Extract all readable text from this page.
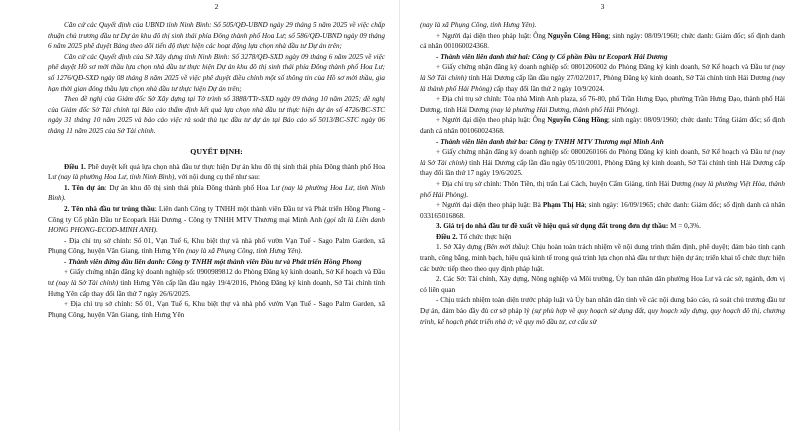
2

Căn cứ các Quyết định của UBND tỉnh Ninh Bình: Số 505/QĐ-UBND ngày 29 tháng 5 năm 2025 về việc chấp thuận chủ trương đầu tư Dự án khu đô thị sinh thái phía Đông thành phố Hoa Lư; số 586/QĐ-UBND ngày 09 tháng 6 năm 2025 phê duyệt Bảng theo dõi tiến độ thực hiện các hoạt động lựa chọn nhà đầu tư Dự án trên;

Căn cứ các Quyết định của Sở Xây dựng tỉnh Ninh Bình: Số 3278/QĐ-SXD ngày 09 tháng 6 năm 2025 về việc phê duyệt Hồ sơ mời thầu lựa chọn nhà đầu tư thực hiện Dự án khu đô thị sinh thái phía Đông thành phố Hoa Lư; số 1276/QĐ-SXD ngày 08 tháng 8 năm 2025 về việc phê duyệt điều chỉnh một số thông tin của Hồ sơ mời thầu, gia hạn thời gian đóng thầu lựa chọn nhà đầu tư thực hiện Dự án trên;

Theo đề nghị của Giám đốc Sở Xây dựng tại Tờ trình số 3888/TTr-SXD ngày 09 tháng 10 năm 2025; đề nghị của Giám đốc Sở Tài chính tại Báo cáo thẩm định kết quả lựa chọn nhà đầu tư thực hiện dự án số 4726/BC-STC ngày 31 tháng 10 năm 2025 và báo cáo việc rà soát thủ tục đầu tư dự án tại Báo cáo số 5013/BC-STC ngày 06 tháng 11 năm 2025 của Sở Tài chính.

QUYẾT ĐỊNH:

Điều 1. Phê duyệt kết quả lựa chọn nhà đầu tư thực hiện Dự án khu đô thị sinh thái phía Đông thành phố Hoa Lư (nay là phường Hoa Lư, tỉnh Ninh Bình), với nội dung cụ thể như sau:

1. Tên dự án: Dự án khu đô thị sinh thái phía Đông thành phố Hoa Lư (nay là phường Hoa Lư, tỉnh Ninh Bình).

2. Tên nhà đầu tư trúng thầu: Liên danh Công ty TNHH một thành viên Đầu tư và Phát triển Hồng Phong - Công ty Cổ phần Đầu tư Ecopark Hải Dương - Công ty TNHH MTV Thương mại Minh Anh (gọi tắt là Liên danh HONG PHONG-ECOD-MINH ANH).

- Địa chỉ trụ sở chính: Số 01, Vạn Tuế 6, Khu biệt thự và nhà phố vườn Vạn Tuế - Sago Palm Garden, xã Phụng Công, huyện Văn Giang, tỉnh Hưng Yên (nay là xã Phụng Công, tỉnh Hưng Yên).

- Thành viên đứng đầu liên danh: Công ty TNHH một thành viên Đầu tư và Phát triển Hồng Phong

+ Giấy chứng nhận đăng ký doanh nghiệp số: 0900989812 do Phòng Đăng ký kinh doanh, Sở Kế hoạch và Đầu tư (nay là Sở Tài chính) tỉnh Hưng Yên cấp lần đầu ngày 19/4/2016, Phòng Đăng ký kinh doanh, Sở Tài chính tỉnh Hưng Yên cấp thay đổi lần thứ 7 ngày 26/6/2025.

+ Địa chỉ trụ sở chính: Số 01, Vạn Tuế 6, Khu biệt thự và nhà phố vườn Vạn Tuế - Sago Palm Garden, xã Phụng Công, huyện Văn Giang, tỉnh Hưng Yên

3

(nay là xã Phụng Công, tỉnh Hưng Yên).

+ Người đại diện theo pháp luật: Ông Nguyễn Công Hồng; sinh ngày: 08/09/1960; chức danh: Giám đốc; số định danh cá nhân 001060024368.

- Thành viên liên danh thứ hai: Công ty Cổ phần Đầu tư Ecopark Hải Dương

+ Giấy chứng nhận đăng ký doanh nghiệp số: 0801206002 do Phòng Đăng ký kinh doanh, Sở Kế hoạch và Đầu tư (nay là Sở Tài chính) tỉnh Hải Dương cấp lần đầu ngày 27/02/2017, Phòng Đăng ký kinh doanh, Sở Tài chính tỉnh Hải Dương (nay là thành phố Hải Phòng) cấp thay đổi lần thứ 2 ngày 10/9/2024.

+ Địa chỉ trụ sở chính: Tòa nhà Minh Anh plaza, số 76-80, phố Trần Hưng Đạo, phường Trần Hưng Đạo, thành phố Hải Dương, tỉnh Hải Dương (nay là phường Hải Dương, thành phố Hải Phòng).

+ Người đại diện theo pháp luật: Ông Nguyễn Công Hồng; sinh ngày: 08/09/1960; chức danh: Tổng Giám đốc; số định danh cá nhân 001060024368.

- Thành viên liên danh thứ ba: Công ty TNHH MTV Thương mại Minh Anh

+ Giấy chứng nhận đăng ký doanh nghiệp số: 0800260166 do Phòng Đăng ký kinh doanh, Sở Kế hoạch và Đầu tư (nay là Sở Tài chính) tỉnh Hải Dương cấp lần đầu ngày 05/10/2001, Phòng Đăng ký kinh doanh, Sở Tài chính tỉnh Hải Dương cấp thay đổi lần thứ 17 ngày 19/6/2025.

+ Địa chỉ trụ sở chính: Thôn Tiền, thị trấn Lai Cách, huyện Cẩm Giàng, tỉnh Hải Dương (nay là phường Việt Hòa, thành phố Hải Phòng).

+ Người đại diện theo pháp luật: Bà Phạm Thị Hà; sinh ngày: 16/09/1965; chức danh: Giám đốc; số định danh cá nhân 033165016868.

3. Giá trị do nhà đầu tư đề xuất về hiệu quả sử dụng đất trong đơn dự thầu: M = 0,3%.

Điều 2. Tổ chức thực hiện

1. Sở Xây dựng (Bên mời thầu): Chịu hoàn toàn trách nhiệm về nội dung trình thẩm định, phê duyệt; đảm bảo tính cạnh tranh, công bằng, minh bạch, hiệu quả kinh tế trong quá trình lựa chọn nhà đầu tư thực hiện dự án; triển khai tổ chức thực hiện các bước tiếp theo theo quy định pháp luật.

2. Các Sở: Tài chính, Xây dựng, Nông nghiệp và Môi trường, Ủy ban nhân dân phường Hoa Lư và các sở, ngành, đơn vị có liên quan

- Chịu trách nhiệm toàn diện trước pháp luật và Ủy ban nhân dân tỉnh về các nội dung báo cáo, rà soát chủ trương đầu tư Dự án, đảm bảo đầy đủ cơ sở pháp lý (sự phù hợp về quy hoạch sử dụng đất, quy hoạch xây dựng, quy hoạch đô thị, chương trình, kế hoạch phát triển nhà ở; về quy mô đầu tư, cơ cấu sử
